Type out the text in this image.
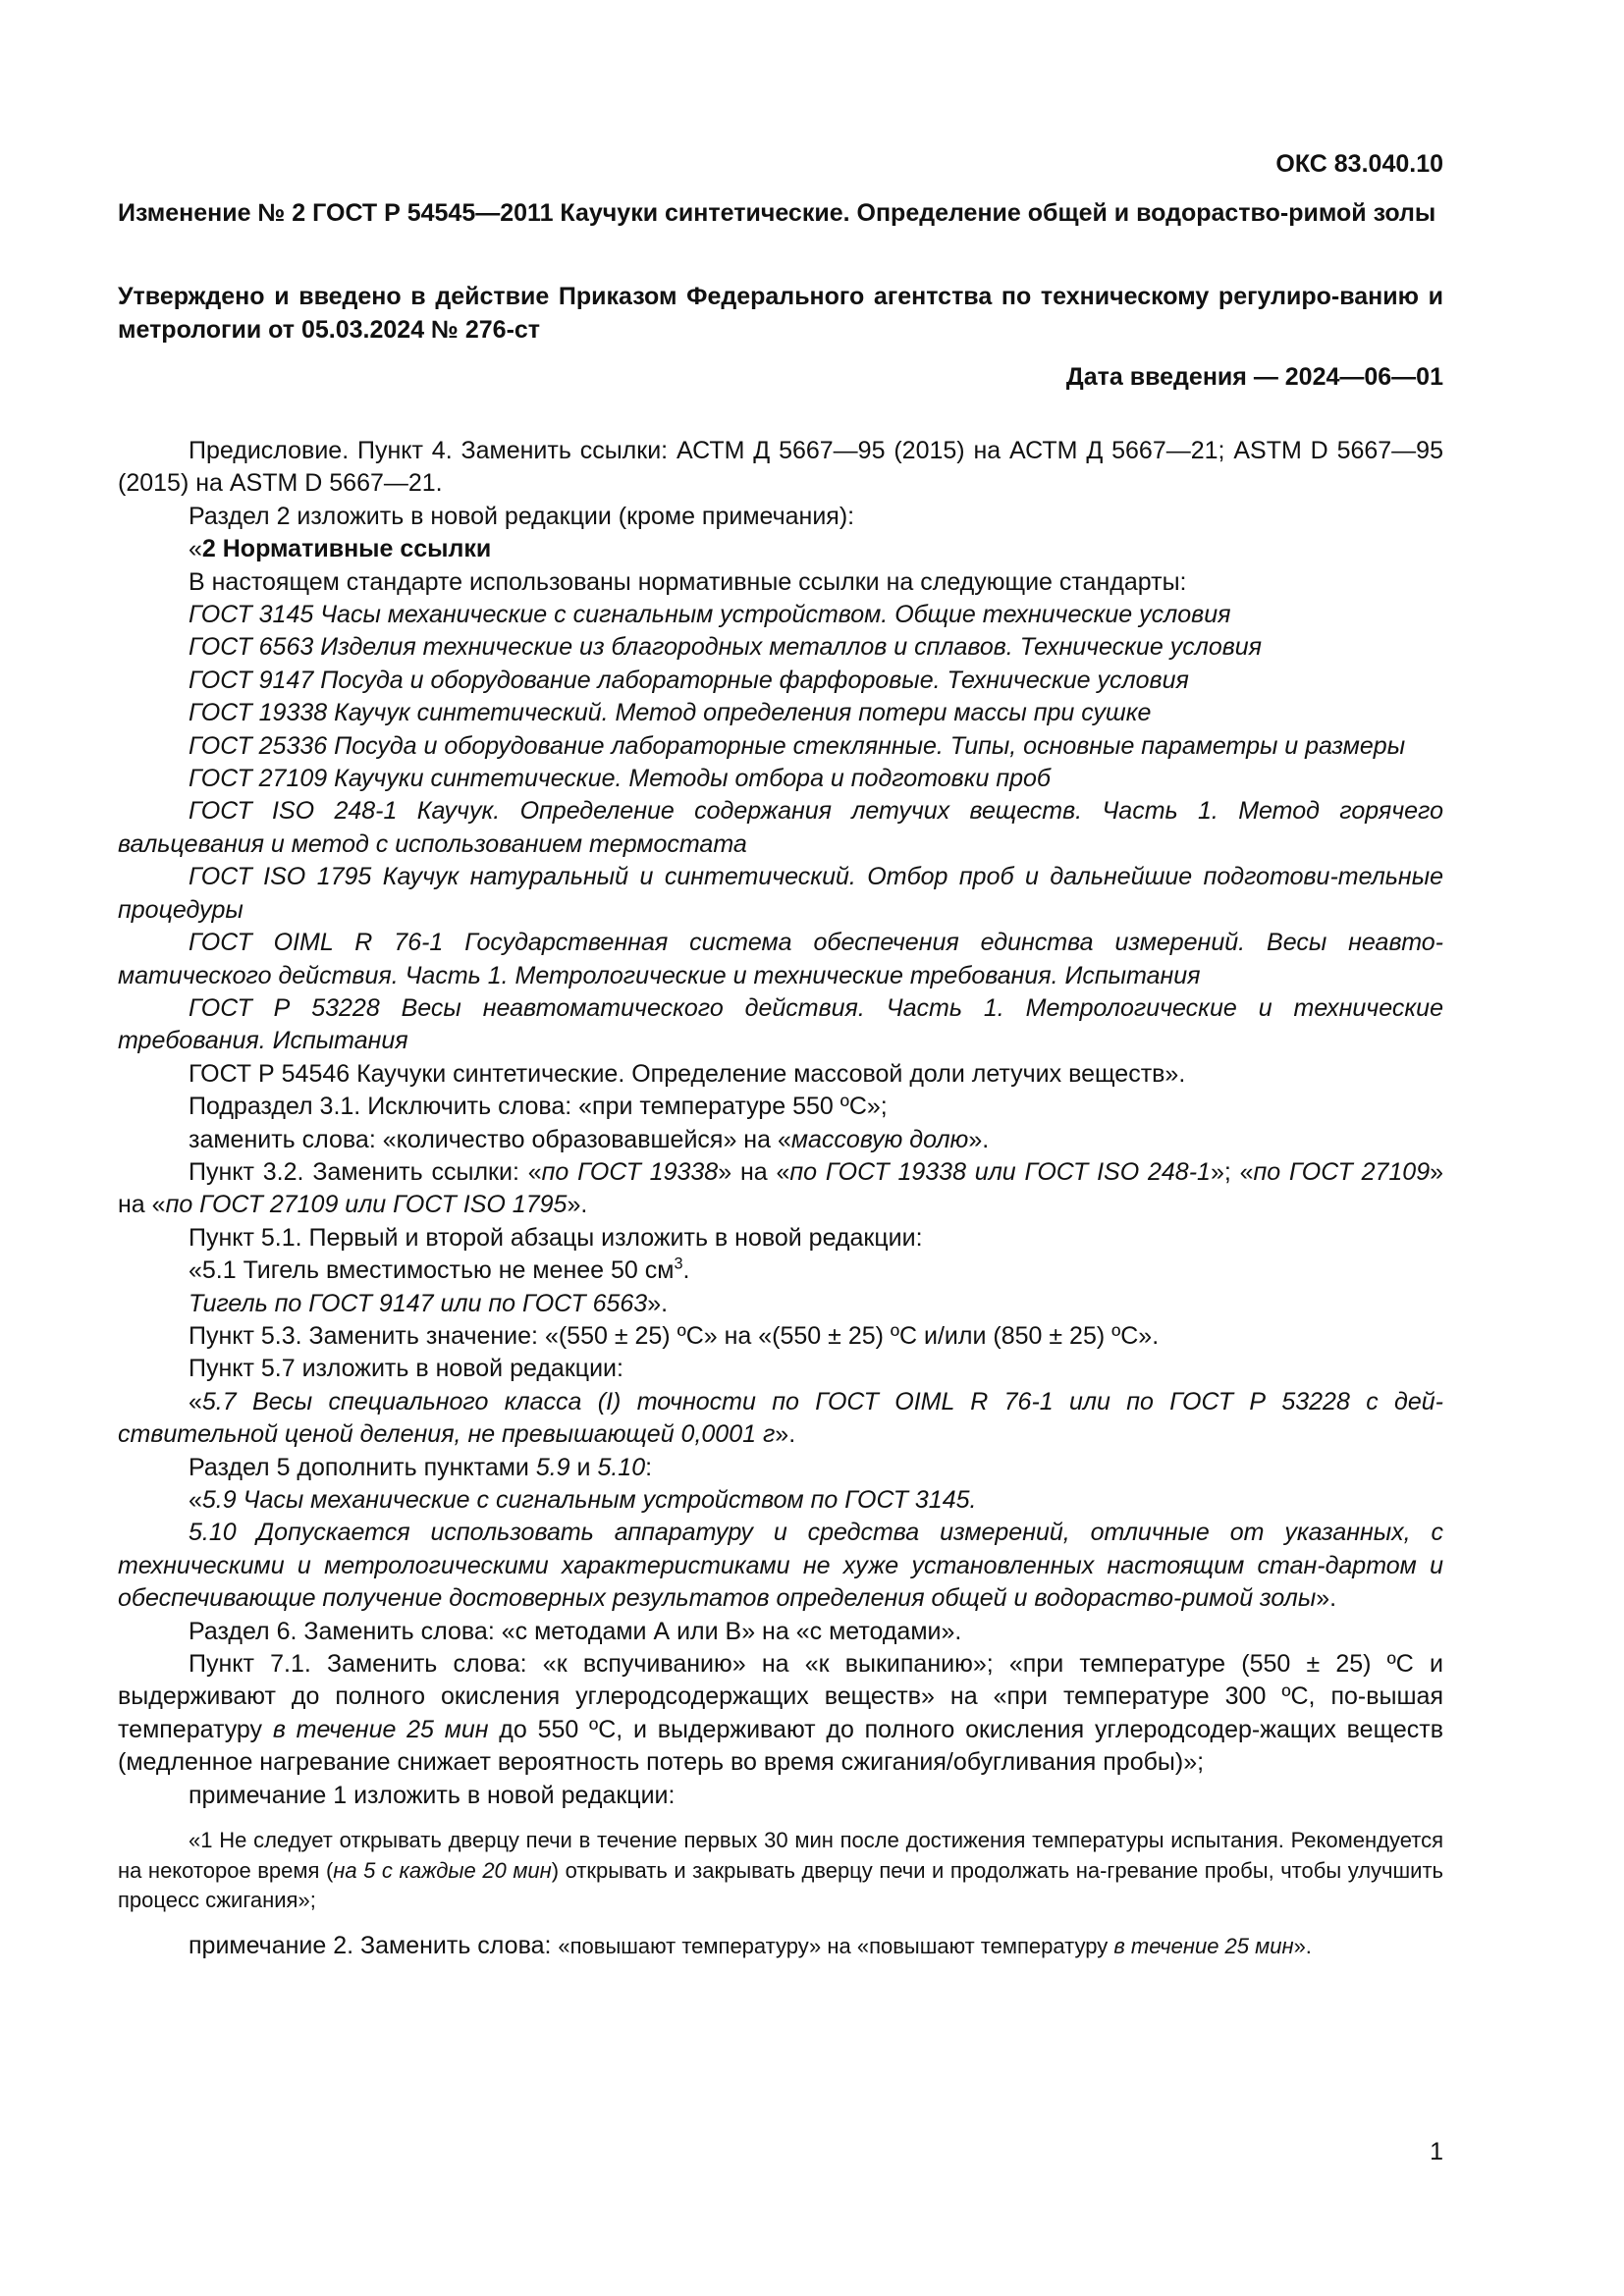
ОКС 83.040.10
Изменение № 2 ГОСТ Р 54545—2011 Каучуки синтетические. Определение общей и водораство-римой золы
Утверждено и введено в действие Приказом Федерального агентства по техническому регулиро-ванию и метрологии от 05.03.2024 № 276-ст
Дата введения — 2024—06—01

Предисловие. Пункт 4. Заменить ссылки: АСТМ Д 5667—95 (2015) на АСТМ Д 5667—21; ASTM D 5667—95 (2015) на ASTM D 5667—21.

Раздел 2 изложить в новой редакции (кроме примечания):

«2 Нормативные ссылки

В настоящем стандарте использованы нормативные ссылки на следующие стандарты:

ГОСТ 3145 Часы механические с сигнальным устройством. Общие технические условия

ГОСТ 6563 Изделия технические из благородных металлов и сплавов. Технические условия

ГОСТ 9147 Посуда и оборудование лабораторные фарфоровые. Технические условия

ГОСТ 19338 Каучук синтетический. Метод определения потери массы при сушке

ГОСТ 25336 Посуда и оборудование лабораторные стеклянные. Типы, основные параметры и размеры

ГОСТ 27109 Каучуки синтетические. Методы отбора и подготовки проб

ГОСТ ISO 248-1 Каучук. Определение содержания летучих веществ. Часть 1. Метод горячего вальцевания и метод с использованием термостата

ГОСТ ISO 1795 Каучук натуральный и синтетический. Отбор проб и дальнейшие подготови-тельные процедуры

ГОСТ OIML R 76-1 Государственная система обеспечения единства измерений. Весы неавто-матического действия. Часть 1. Метрологические и технические требования. Испытания

ГОСТ Р 53228 Весы неавтоматического действия. Часть 1. Метрологические и технические требования. Испытания

ГОСТ Р 54546 Каучуки синтетические. Определение массовой доли летучих веществ».

Подраздел 3.1. Исключить слова: «при температуре 550 ºС»;

заменить слова: «количество образовавшейся» на «массовую долю».

Пункт 3.2. Заменить ссылки: «по ГОСТ 19338» на «по ГОСТ 19338 или ГОСТ ISO 248-1»; «по ГОСТ 27109» на «по ГОСТ 27109 или ГОСТ ISO 1795».

Пункт 5.1. Первый и второй абзацы изложить в новой редакции:

«5.1 Тигель вместимостью не менее 50 $см^3$.

Тигель по ГОСТ 9147 или по ГОСТ 6563».

Пункт 5.3. Заменить значение: «(550 ± 25) ºС» на «(550 ± 25) ºС и/или (850 ± 25) ºС».

Пункт 5.7 изложить в новой редакции:

«5.7 Весы специального класса (I) точности по ГОСТ OIML R 76-1 или по ГОСТ Р 53228 с дей-ствительной ценой деления, не превышающей 0,0001 г».

Раздел 5 дополнить пунктами 5.9 и 5.10:

«5.9 Часы механические с сигнальным устройством по ГОСТ 3145.

5.10 Допускается использовать аппаратуру и средства измерений, отличные от указанных, с техническими и метрологическими характеристиками не хуже установленных настоящим стан-дартом и обеспечивающие получение достоверных результатов определения общей и водораство-римой золы».

Раздел 6. Заменить слова: «с методами А или В» на «с методами».

Пункт 7.1. Заменить слова: «к вспучиванию» на «к выкипанию»; «при температуре (550 ± 25) ºС и выдерживают до полного окисления углеродсодержащих веществ» на «при температуре 300 ºС, по-вышая температуру в течение 25 мин до 550 ºС, и выдерживают до полного окисления углеродсодер-жащих веществ (медленное нагревание снижает вероятность потерь во время сжигания/обугливания пробы)»;

примечание 1 изложить в новой редакции:

«1 Не следует открывать дверцу печи в течение первых 30 мин после достижения температуры испытания. Рекомендуется на некоторое время (на 5 с каждые 20 мин) открывать и закрывать дверцу печи и продолжать на-гревание пробы, чтобы улучшить процесс сжигания»;

примечание 2. Заменить слова: «повышают температуру» на «повышают температуру в течение 25 мин».

1
